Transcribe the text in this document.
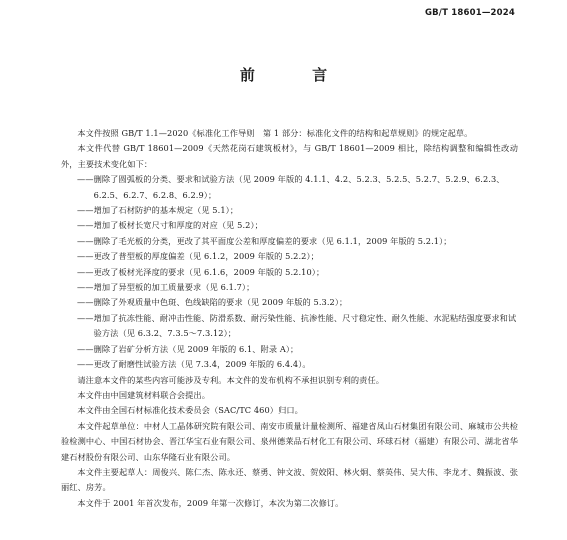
GB/T 18601—2024
前 言

本文件按照 GB/T 1.1—2020《标准化工作导则　第 1 部分：标准化文件的结构和起草规则》的规定起草。

本文件代替 GB/T 18601—2009《天然花岗石建筑板材》，与 GB/T 18601—2009 相比，除结构调整和编辑性改动外，主要技术变化如下：

—— 删除了圆弧板的分类、要求和试验方法（见 2009 年版的 4.1.1、4.2、5.2.3、5.2.5、5.2.7、5.2.9、6.2.3、6.2.5、6.2.7、6.2.8、6.2.9）；
—— 增加了石材防护的基本规定（见 5.1）；
—— 增加了板材长宽尺寸和厚度的对应（见 5.2）；
—— 删除了毛光板的分类，更改了其平面度公差和厚度偏差的要求（见 6.1.1，2009 年版的 5.2.1）；
—— 更改了普型板的厚度偏差（见 6.1.2，2009 年版的 5.2.2）；
—— 更改了板材光泽度的要求（见 6.1.6，2009 年版的 5.2.10）；
—— 增加了异型板的加工质量要求（见 6.1.7）；
—— 删除了外观质量中色斑、色线缺陷的要求（见 2009 年版的 5.3.2）；
—— 增加了抗冻性能、耐冲击性能、防滑系数、耐污染性能、抗渗性能、尺寸稳定性、耐久性能、水泥粘结强度要求和试验方法（见 6.3.2、7.3.5～7.3.12）；
—— 删除了岩矿分析方法（见 2009 年版的 6.1、附录 A）；
—— 更改了耐磨性试验方法（见 7.3.4，2009 年版的 6.4.4）。

请注意本文件的某些内容可能涉及专利。本文件的发布机构不承担识别专利的责任。

本文件由中国建筑材料联合会提出。

本文件由全国石材标准化技术委员会（SAC/TC 460）归口。

本文件起草单位：中材人工晶体研究院有限公司、南安市质量计量检测所、福建省凤山石材集团有限公司、麻城市公共检验检测中心、中国石材协会、晋江华宝石业有限公司、泉州德莱品石材化工有限公司、环球石材（福建）有限公司、湖北省华建石材股份有限公司、山东华隆石业有限公司。

本文件主要起草人：周俊兴、陈仁杰、陈永还、蔡勇、钟文波、贺姣阳、林火炯、蔡英伟、吴大伟、李龙才、魏振波、张丽红、房芳。

本文件于 2001 年首次发布，2009 年第一次修订，本次为第二次修订。
